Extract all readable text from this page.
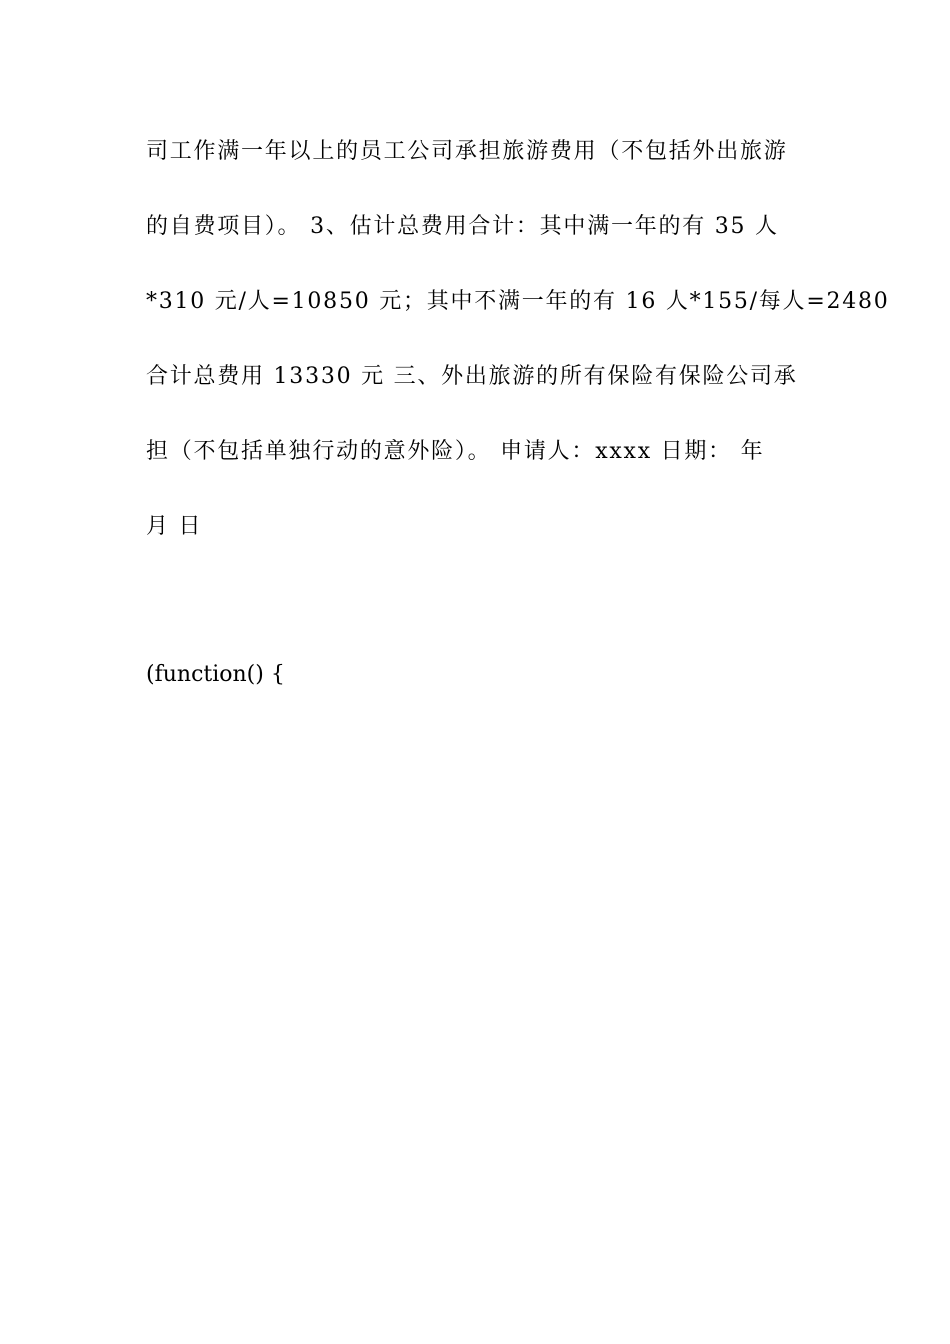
司工作满一年以上的员工公司承担旅游费用（不包括外出旅游
的自费项目）。 3、估计总费用合计：其中满一年的有 35 人
*310 元/人=10850 元；其中不满一年的有 16 人*155/每人=2480
合计总费用 13330 元 三、外出旅游的所有保险有保险公司承
担（不包括单独行动的意外险）。 申请人：xxxx 日期： 年
月 日
(function() {
